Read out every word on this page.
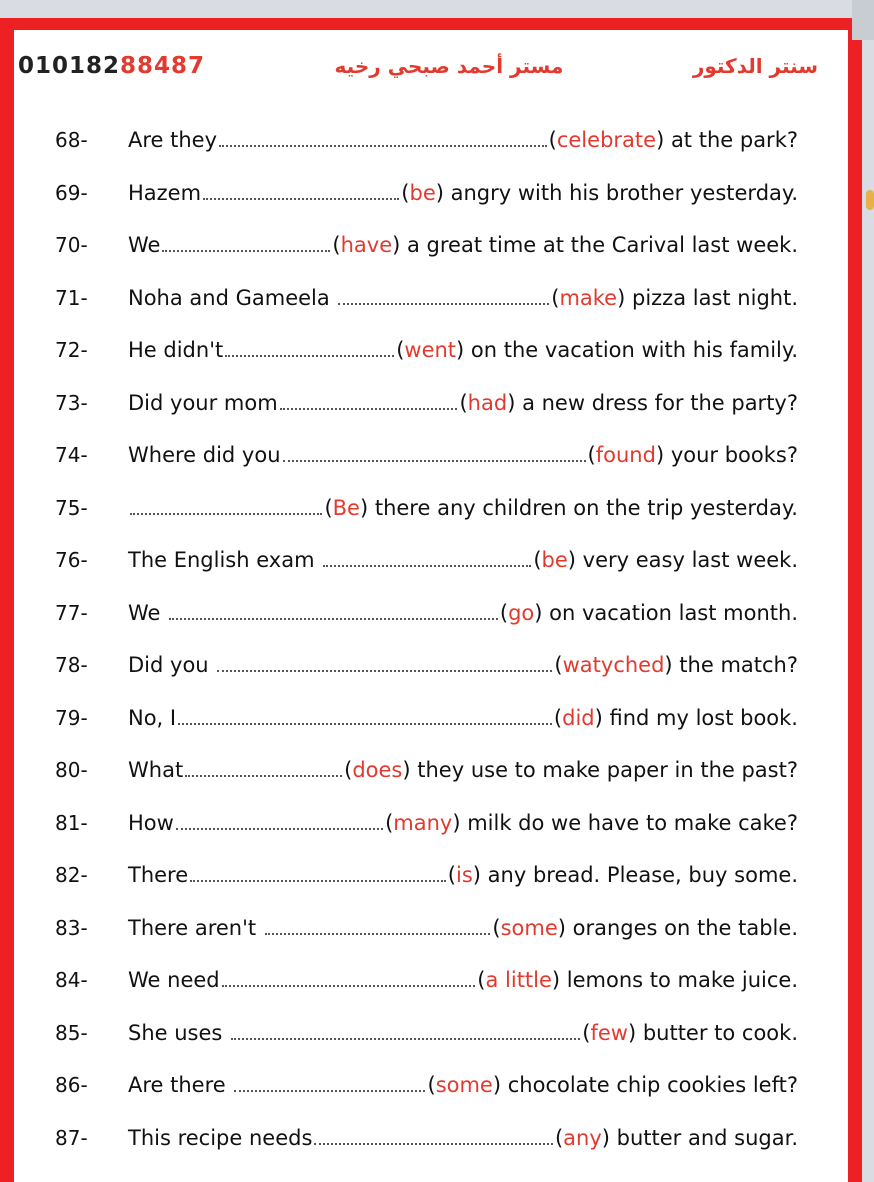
01018288487	مستر أحمد صبحي رخيه	سنتر الدكتور
68- Are they	( celebrate ) at the park?
69- Hazem	( be ) angry with his brother yesterday.
70- We	( have ) a great time at the Carival last week.
71- Noha and Gameela	( make ) pizza last night.
72- He didn't	( went ) on the vacation with his family.
73- Did your mom	( had ) a new dress for the party?
74- Where did you	( found ) your books?
75-	( Be ) there any children on the trip yesterday.
76- The English exam	( be ) very easy last week.
77- We	( go ) on vacation last month.
78- Did you	( watyched ) the match?
79- No, I	( did ) find my lost book.
80- What	( does ) they use to make paper in the past?
81- How	( many ) milk do we have to make cake?
82- There	( is ) any bread. Please, buy some.
83- There aren't	( some ) oranges on the table.
84- We need	( a little ) lemons to make juice.
85- She uses	( few ) butter to cook.
86- Are there	( some ) chocolate chip cookies left?
87- This recipe needs	( any ) butter and sugar.
